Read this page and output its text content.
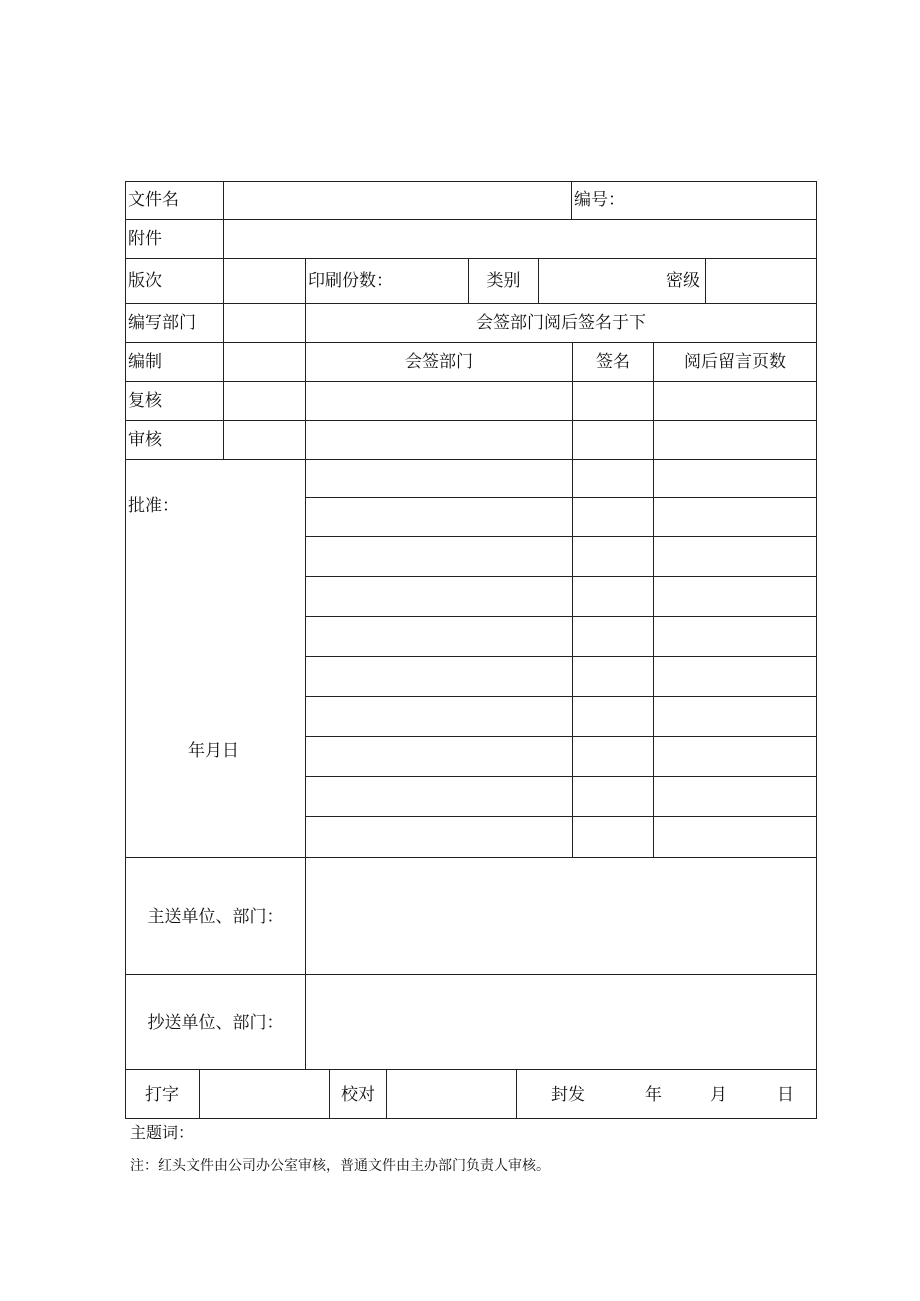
文件名	编号：
附件
版次	印刷份数：	类别	密级
编写部门	会签部门阅后签名于下
编制	会签部门	签名	阅后留言页数
复核
审核
批准：
年月日
主送单位、部门：
抄送单位、部门：
打字	校对	封发	年	月	日
主题词：
注：红头文件由公司办公室审核，普通文件由主办部门负责人审核。
